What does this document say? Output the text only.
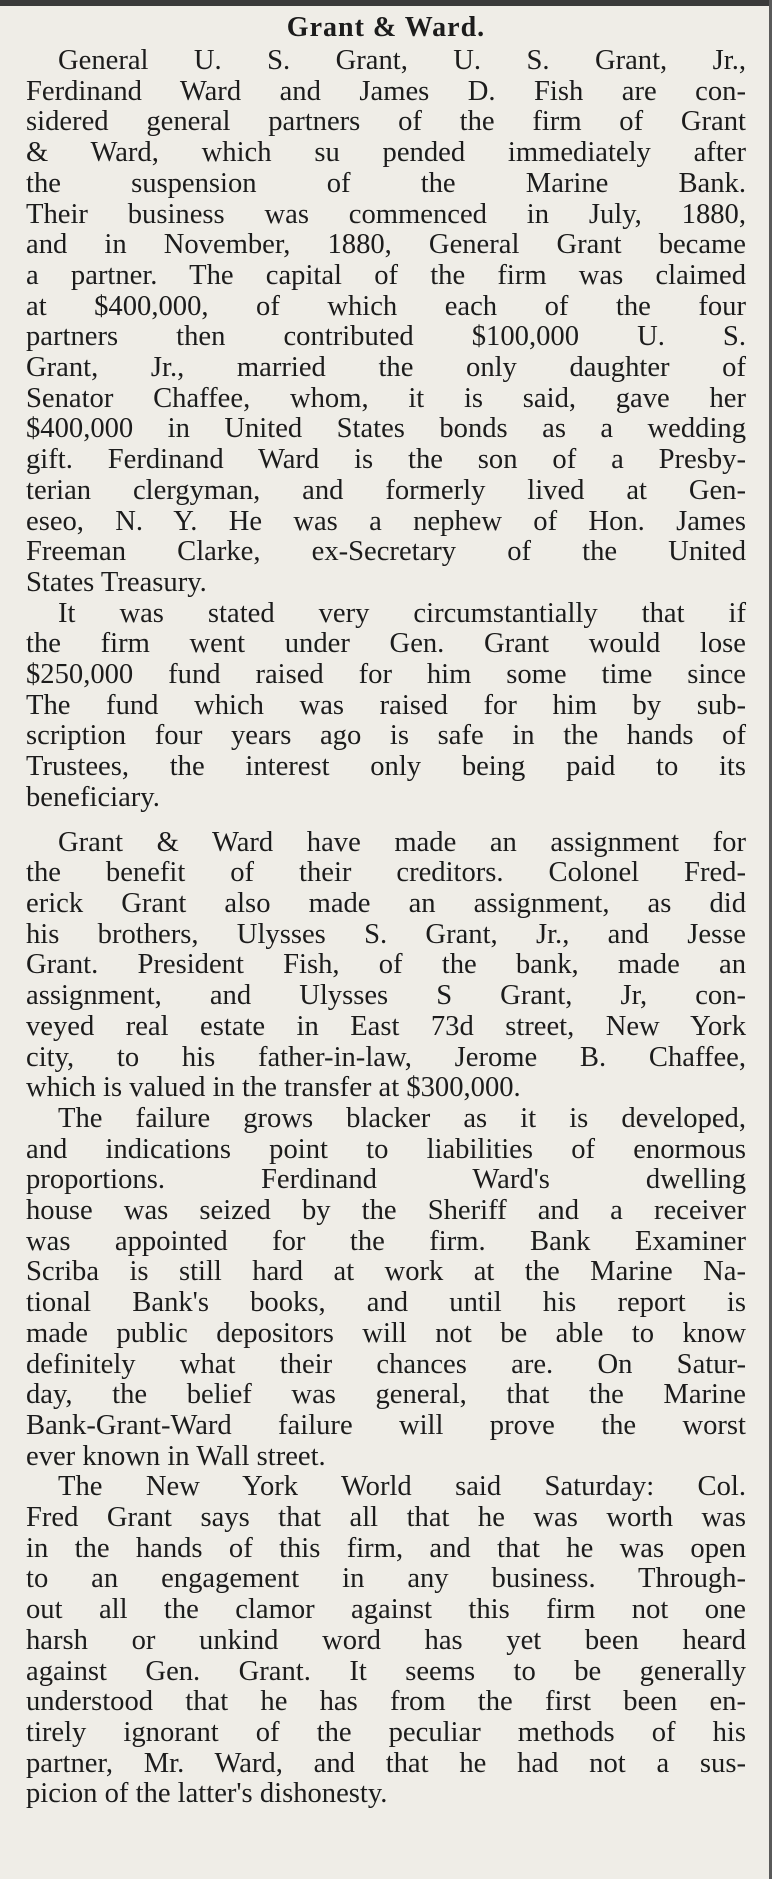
Grant & Ward.
General U. S. Grant, U. S. Grant, Jr.,
Ferdinand Ward and James D. Fish are con-
sidered general partners of the firm of Grant
& Ward, which su pended immediately after
the suspension of the Marine Bank.
Their business was commenced in July, 1880,
and in November, 1880, General Grant became
a partner. The capital of the firm was claimed
at $400,000, of which each of the four
partners then contributed $100,000 U. S.
Grant, Jr., married the only daughter of
Senator Chaffee, whom, it is said, gave her
$400,000 in United States bonds as a wedding
gift. Ferdinand Ward is the son of a Presby-
terian clergyman, and formerly lived at Gen-
eseo, N. Y. He was a nephew of Hon. James
Freeman Clarke, ex-Secretary of the United
States Treasury.
It was stated very circumstantially that if
the firm went under Gen. Grant would lose
$250,000 fund raised for him some time since
The fund which was raised for him by sub-
scription four years ago is safe in the hands of
Trustees, the interest only being paid to its
beneficiary.
Grant & Ward have made an assignment for
the benefit of their creditors. Colonel Fred-
erick Grant also made an assignment, as did
his brothers, Ulysses S. Grant, Jr., and Jesse
Grant. President Fish, of the bank, made an
assignment, and Ulysses S Grant, Jr, con-
veyed real estate in East 73d street, New York
city, to his father-in-law, Jerome B. Chaffee,
which is valued in the transfer at $300,000.
The failure grows blacker as it is developed,
and indications point to liabilities of enormous
proportions. Ferdinand Ward's dwelling
house was seized by the Sheriff and a receiver
was appointed for the firm. Bank Examiner
Scriba is still hard at work at the Marine Na-
tional Bank's books, and until his report is
made public depositors will not be able to know
definitely what their chances are. On Satur-
day, the belief was general, that the Marine
Bank-Grant-Ward failure will prove the worst
ever known in Wall street.
The New York World said Saturday: Col.
Fred Grant says that all that he was worth was
in the hands of this firm, and that he was open
to an engagement in any business. Through-
out all the clamor against this firm not one
harsh or unkind word has yet been heard
against Gen. Grant. It seems to be generally
understood that he has from the first been en-
tirely ignorant of the peculiar methods of his
partner, Mr. Ward, and that he had not a sus-
picion of the latter's dishonesty.
